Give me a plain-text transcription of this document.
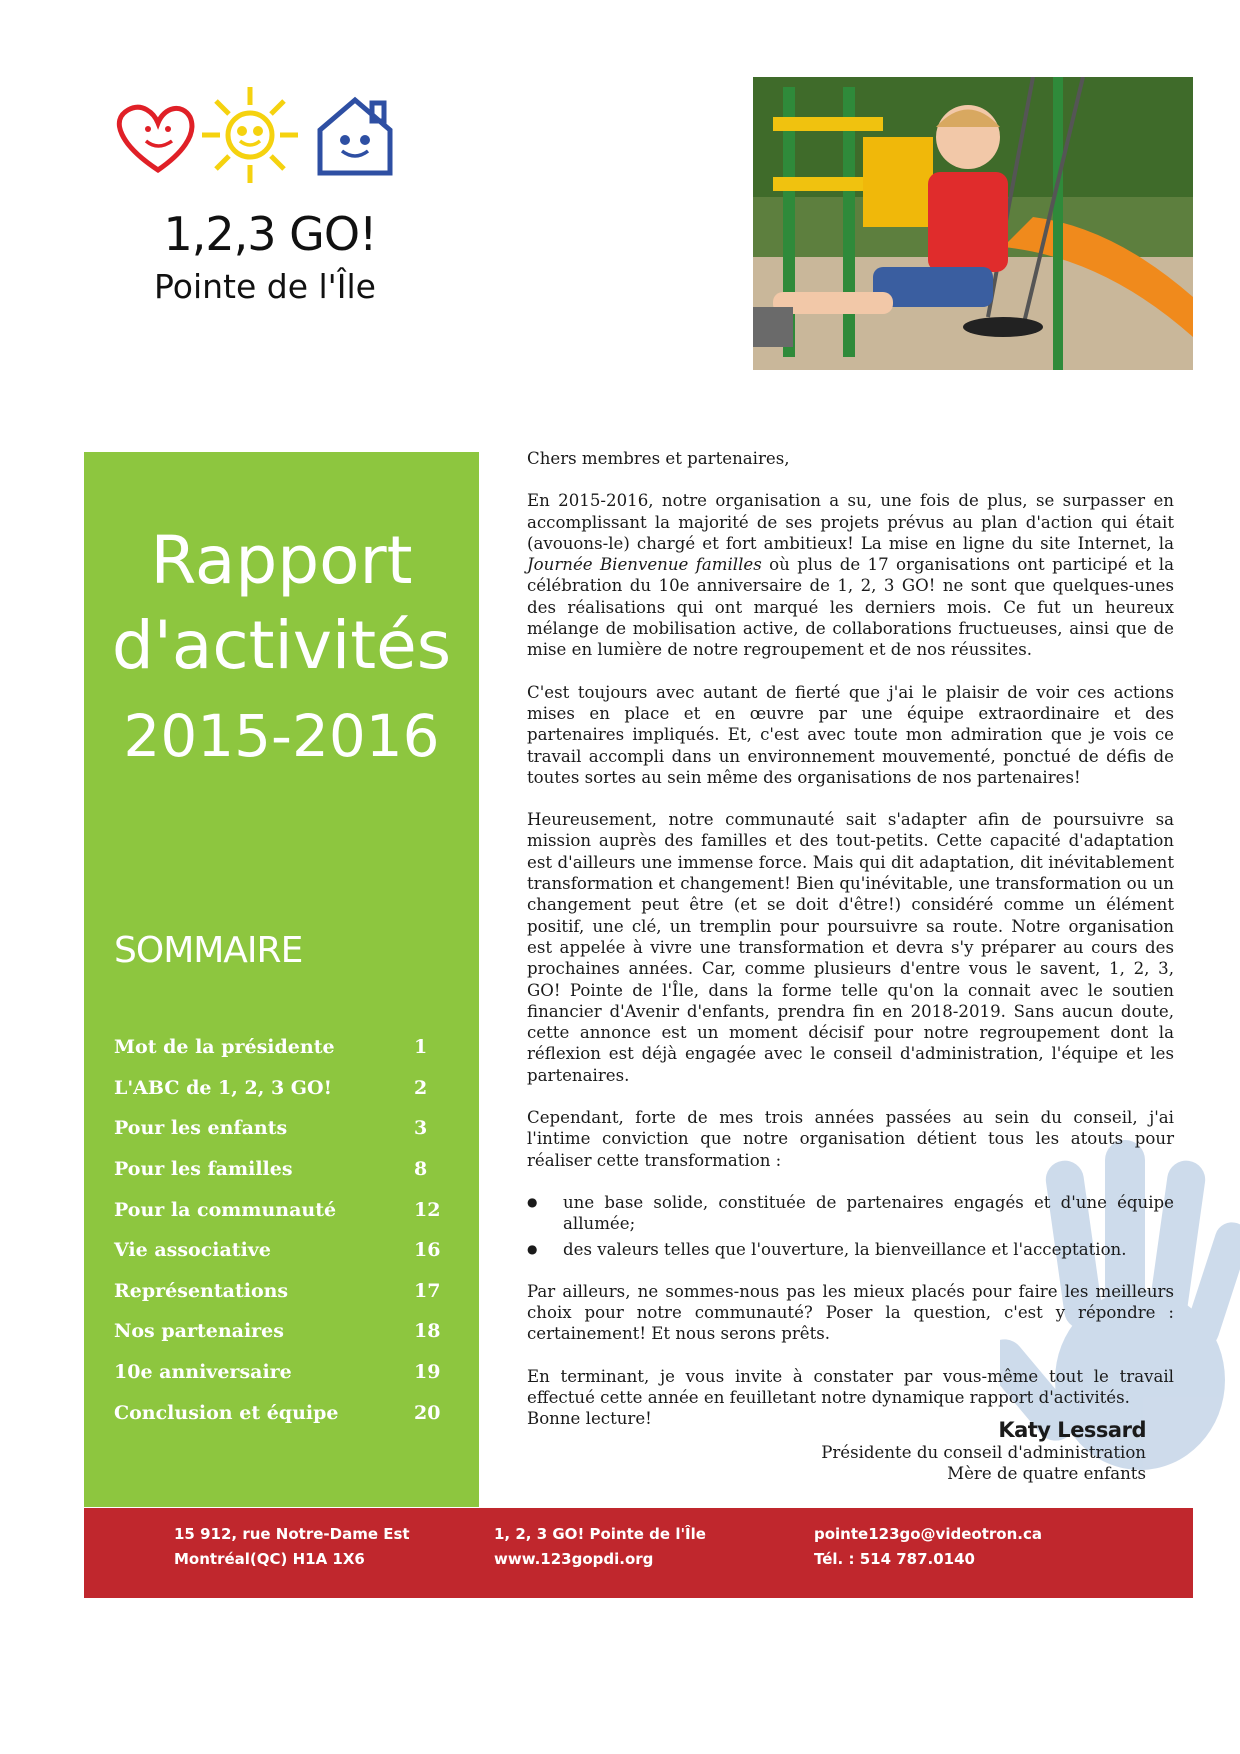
1,2,3 GO!
Pointe de l'Île
Rapport
d'activités
2015-2016
SOMMAIRE
Mot de la présidente	1
L'ABC de 1, 2, 3 GO!	2
Pour les enfants	3
Pour les familles	8
Pour la communauté	12
Vie associative	16
Représentations	17
Nos partenaires	18
10e anniversaire	19
Conclusion et équipe	20

Chers membres et partenaires,

En 2015-2016, notre organisation a su, une fois de plus, se surpasser en accomplissant la majorité de ses projets prévus au plan d'action qui était (avouons-le) chargé et fort ambitieux! La mise en ligne du site Internet, la Journée Bienvenue familles où plus de 17 organisations ont participé et la célébration du 10e anniversaire de 1, 2, 3 GO! ne sont que quelques-unes des réalisations qui ont marqué les derniers mois. Ce fut un heureux mélange de mobilisation active, de collaborations fructueuses, ainsi que de mise en lumière de notre regroupement et de nos réussites.

C'est toujours avec autant de fierté que j'ai le plaisir de voir ces actions mises en place et en œuvre par une équipe extraordinaire et des partenaires impliqués. Et, c'est avec toute mon admiration que je vois ce travail accompli dans un environnement mouvementé, ponctué de défis de toutes sortes au sein même des organisations de nos partenaires!

Heureusement, notre communauté sait s'adapter afin de poursuivre sa mission auprès des familles et des tout-petits. Cette capacité d'adaptation est d'ailleurs une immense force. Mais qui dit adaptation, dit inévitablement transformation et changement! Bien qu'inévitable, une transformation ou un changement peut être (et se doit d'être!) considéré comme un élément positif, une clé, un tremplin pour poursuivre sa route. Notre organisation est appelée à vivre une transformation et devra s'y préparer au cours des prochaines années. Car, comme plusieurs d'entre vous le savent, 1, 2, 3, GO! Pointe de l'Île, dans la forme telle qu'on la connait avec le soutien financier d'Avenir d'enfants, prendra fin en 2018-2019. Sans aucun doute, cette annonce est un moment décisif pour notre regroupement dont la réflexion est déjà engagée avec le conseil d'administration, l'équipe et les partenaires.

Cependant, forte de mes trois années passées au sein du conseil, j'ai l'intime conviction que notre organisation détient tous les atouts pour réaliser cette transformation :

● une base solide, constituée de partenaires engagés et d'une équipe allumée;
● des valeurs telles que l'ouverture, la bienveillance et l'acceptation.

Par ailleurs, ne sommes-nous pas les mieux placés pour faire les meilleurs choix pour notre communauté? Poser la question, c'est y répondre : certainement! Et nous serons prêts.

En terminant, je vous invite à constater par vous-même tout le travail effectué cette année en feuilletant notre dynamique rapport d'activités.
Bonne lecture!	Katy Lessard
Présidente du conseil d'administration
Mère de quatre enfants
15 912, rue Notre-Dame Est
Montréal(QC) H1A 1X6
1, 2, 3 GO! Pointe de l'Île
www.123gopdi.org
pointe123go@videotron.ca
Tél. : 514 787.0140
